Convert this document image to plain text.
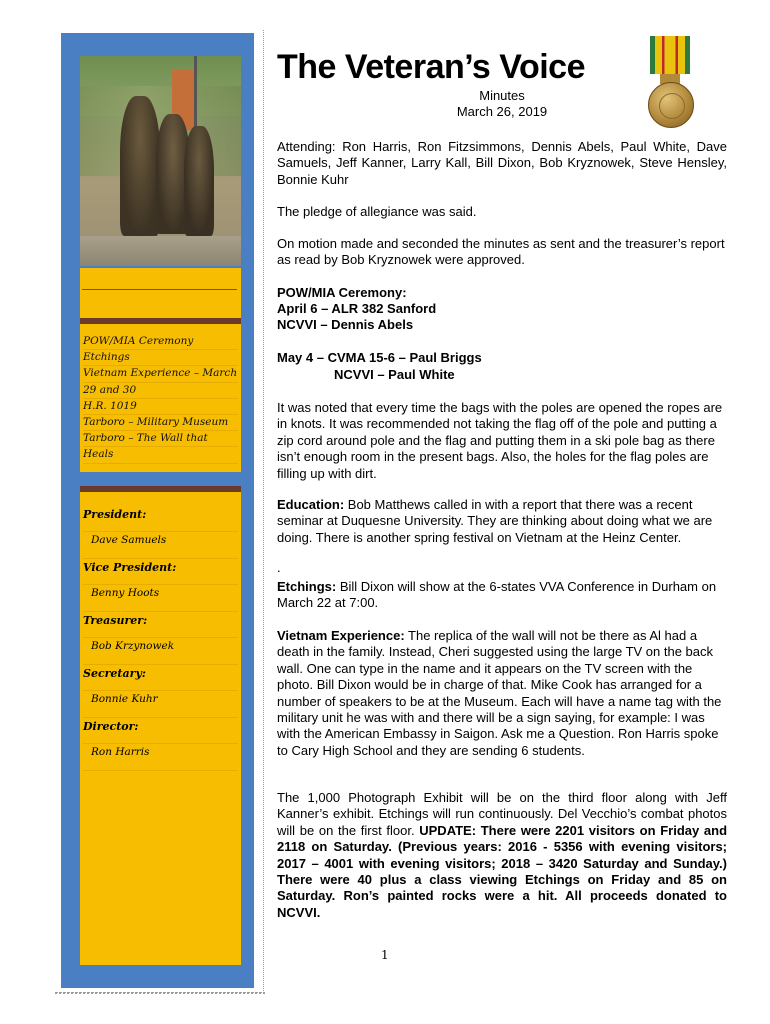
POW/MIA Ceremony
Etchings
Vietnam Experience – March
29 and 30
H.R. 1019
Tarboro – Military Museum
Tarboro – The Wall that
Heals
President:
Dave Samuels
Vice President:
Benny Hoots
Treasurer:
Bob Krzynowek
Secretary:
Bonnie Kuhr
Director:
Ron Harris
The Veteran’s Voice
Minutes
March 26, 2019

Attending: Ron Harris, Ron Fitzsimmons, Dennis Abels, Paul White, Dave Samuels, Jeff Kanner, Larry Kall, Bill Dixon, Bob Kryznowek, Steve Hensley, Bonnie Kuhr

The pledge of allegiance was said.

On motion made and seconded the minutes as sent and the treasurer’s report as read by Bob Kryznowek were approved.

POW/MIA Ceremony:
April 6 – ALR 382 Sanford
NCVVI – Dennis Abels
May 4 – CVMA 15-6 – Paul Briggs
NCVVI – Paul White

It was noted that every time the bags with the poles are opened the ropes are in knots. It was recommended not taking the flag off of the pole and putting a zip cord around pole and the flag and putting them in a ski pole bag as there isn’t enough room in the present bags. Also, the holes for the flag poles are filling up with dirt.

Education: Bob Matthews called in with a report that there was a recent seminar at Duquesne University. They are thinking about doing what we are doing. There is another spring festival on Vietnam at the Heinz Center.

.

Etchings: Bill Dixon will show at the 6-states VVA Conference in Durham on March 22 at 7:00.

Vietnam Experience: The replica of the wall will not be there as Al had a death in the family. Instead, Cheri suggested using the large TV on the back wall. One can type in the name and it appears on the TV screen with the photo. Bill Dixon would be in charge of that. Mike Cook has arranged for a number of speakers to be at the Museum. Each will have a name tag with the military unit he was with and there will be a sign saying, for example: I was with the American Embassy in Saigon. Ask me a Question. Ron Harris spoke to Cary High School and they are sending 6 students.

The 1,000 Photograph Exhibit will be on the third floor along with Jeff Kanner’s exhibit. Etchings will run continuously. Del Vecchio’s combat photos will be on the first floor. UPDATE: There were 2201 visitors on Friday and 2118 on Saturday. (Previous years: 2016 - 5356 with evening visitors; 2017 – 4001 with evening visitors; 2018 – 3420 Saturday and Sunday.) There were 40 plus a class viewing Etchings on Friday and 85 on Saturday. Ron’s painted rocks were a hit. All proceeds donated to NCVVI.

1
